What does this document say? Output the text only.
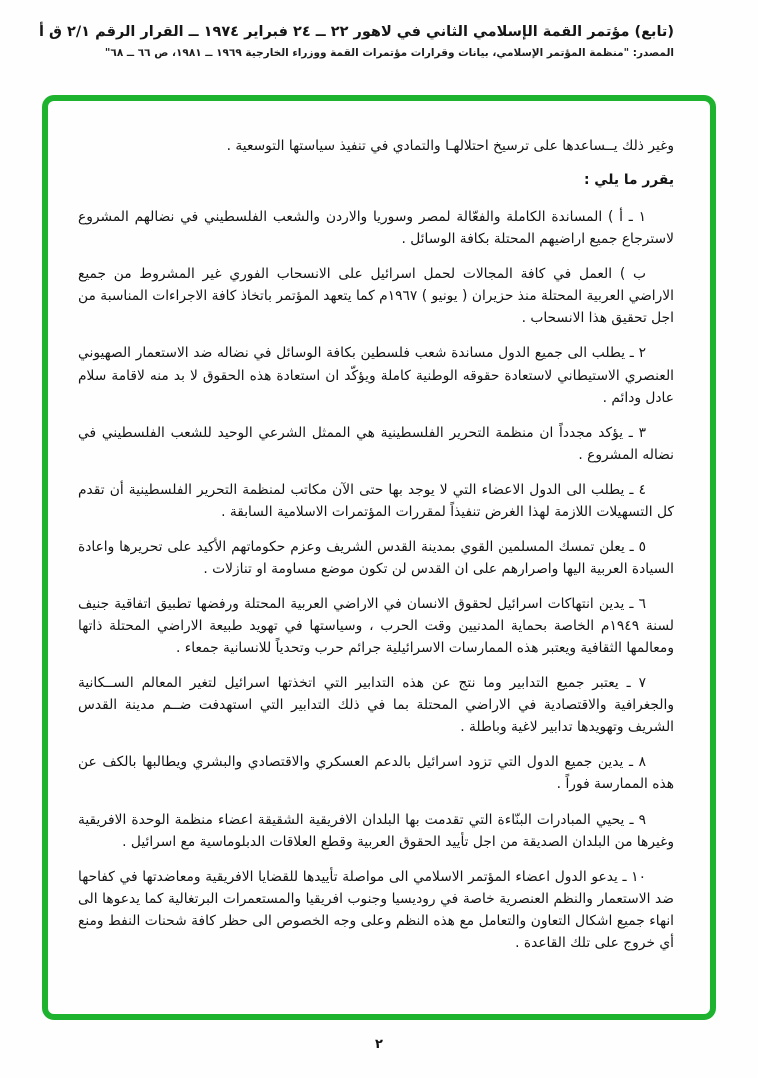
(تابع) مؤتمر القمة الإسلامي الثاني في لاهور ٢٢ ــ ٢٤ فبراير ١٩٧٤ ــ القرار الرقم ٢/١ ق أ
المصدر: "منظمة المؤتمر الإسلامي، بيانات وقرارات مؤتمرات القمة ووزراء الخارجية ١٩٦٩ ــ ١٩٨١، ص ٦٦ ــ ٦٨"

وغير ذلك يــساعدها على ترسيخ احتلالهـا والتمادي في تنفيذ سياستها التوسعية .

يقرر ما يلي :

١ ـ أ ) المساندة الكاملة والفعّالة لمصر وسوريا والاردن والشعب الفلسطيني في نضالهم المشروع لاسترجاع جميع اراضيهم المحتلة بكافة الوسائل .

ب ) العمل في كافة المجالات لحمل اسرائيل على الانسحاب الفوري غير المشروط من جميع الاراضي العربية المحتلة منذ حزيران ( يونيو ) ١٩٦٧م كما يتعهد المؤتمر باتخاذ كافة الاجراءات المناسبة من اجل تحقيق هذا الانسحاب .

٢ ـ يطلب الى جميع الدول مساندة شعب فلسطين بكافة الوسائل في نضاله ضد الاستعمار الصهيوني العنصري الاستيطاني لاستعادة حقوقه الوطنية كاملة ويؤكّد ان استعادة هذه الحقوق لا بد منه لاقامة سلام عادل ودائم .

٣ ـ يؤكد مجدداً ان منظمة التحرير الفلسطينية هي الممثل الشرعي الوحيد للشعب الفلسطيني في نضاله المشروع .

٤ ـ يطلب الى الدول الاعضاء التي لا يوجد بها حتى الآن مكاتب لمنظمة التحرير الفلسطينية أن تقدم كل التسهيلات اللازمة لهذا الغرض تنفيذاً لمقررات المؤتمرات الاسلامية السابقة .

٥ ـ يعلن تمسك المسلمين القوي بمدينة القدس الشريف وعزم حكوماتهم الأكيد على تحريرها واعادة السيادة العربية اليها واصرارهم على ان القدس لن تكون موضع مساومة او تنازلات .

٦ ـ يدين انتهاكات اسرائيل لحقوق الانسان في الاراضي العربية المحتلة ورفضها تطبيق اتفاقية جنيف لسنة ١٩٤٩م الخاصة بحماية المدنيين وقت الحرب ، وسياستها في تهويد طبيعة الاراضي المحتلة ذاتها ومعالمها الثقافية ويعتبر هذه الممارسات الاسرائيلية جرائم حرب وتحدياً للانسانية جمعاء .

٧ ـ يعتبر جميع التدابير وما نتج عن هذه التدابير التي اتخذتها اسرائيل لتغير المعالم الســكانية والجغرافية والاقتصادية في الاراضي المحتلة بما في ذلك التدابير التي استهدفت ضــم مدينة القدس الشريف وتهويدها تدابير لاغية وباطلة .

٨ ـ يدين جميع الدول التي تزود اسرائيل بالدعم العسكري والاقتصادي والبشري ويطالبها بالكف عن هذه الممارسة فوراً .

٩ ـ يحيي المبادرات البنّاءة التي تقدمت بها البلدان الافريقية الشقيقة اعضاء منظمة الوحدة الافريقية وغيرها من البلدان الصديقة من اجل تأييد الحقوق العربية وقطع العلاقات الدبلوماسية مع اسرائيل .

١٠ ـ يدعو الدول اعضاء المؤتمر الاسلامي الى مواصلة تأييدها للقضايا الافريقية ومعاضدتها في كفاحها ضد الاستعمار والنظم العنصرية خاصة في روديسيا وجنوب افريقيا والمستعمرات البرتغالية كما يدعوها الى انهاء جميع اشكال التعاون والتعامل مع هذه النظم وعلى وجه الخصوص الى حظر كافة شحنات النفط ومنع أي خروج على تلك القاعدة .

٢
